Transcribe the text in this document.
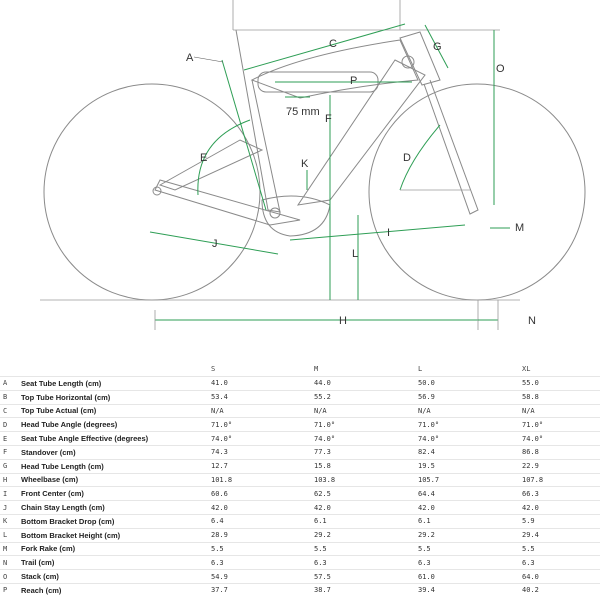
A
C	G
O
P
75 mm
F
E	D
K
J
I
L
M
H	N
		S	M	L	XL
A	Seat Tube Length (cm)	41.0	44.0	50.0	55.0
B	Top Tube Horizontal (cm)	53.4	55.2	56.9	58.8
C	Top Tube Actual (cm)	N/A	N/A	N/A	N/A
D	Head Tube Angle (degrees)	71.0°	71.0°	71.0°	71.0°
E	Seat Tube Angle Effective (degrees)	74.0°	74.0°	74.0°	74.0°
F	Standover (cm)	74.3	77.3	82.4	86.8
G	Head Tube Length (cm)	12.7	15.8	19.5	22.9
H	Wheelbase (cm)	101.8	103.8	105.7	107.8
I	Front Center (cm)	60.6	62.5	64.4	66.3
J	Chain Stay Length (cm)	42.0	42.0	42.0	42.0
K	Bottom Bracket Drop (cm)	6.4	6.1	6.1	5.9
L	Bottom Bracket Height (cm)	28.9	29.2	29.2	29.4
M	Fork Rake (cm)	5.5	5.5	5.5	5.5
N	Trail (cm)	6.3	6.3	6.3	6.3
O	Stack (cm)	54.9	57.5	61.0	64.0
P	Reach (cm)	37.7	38.7	39.4	40.2
